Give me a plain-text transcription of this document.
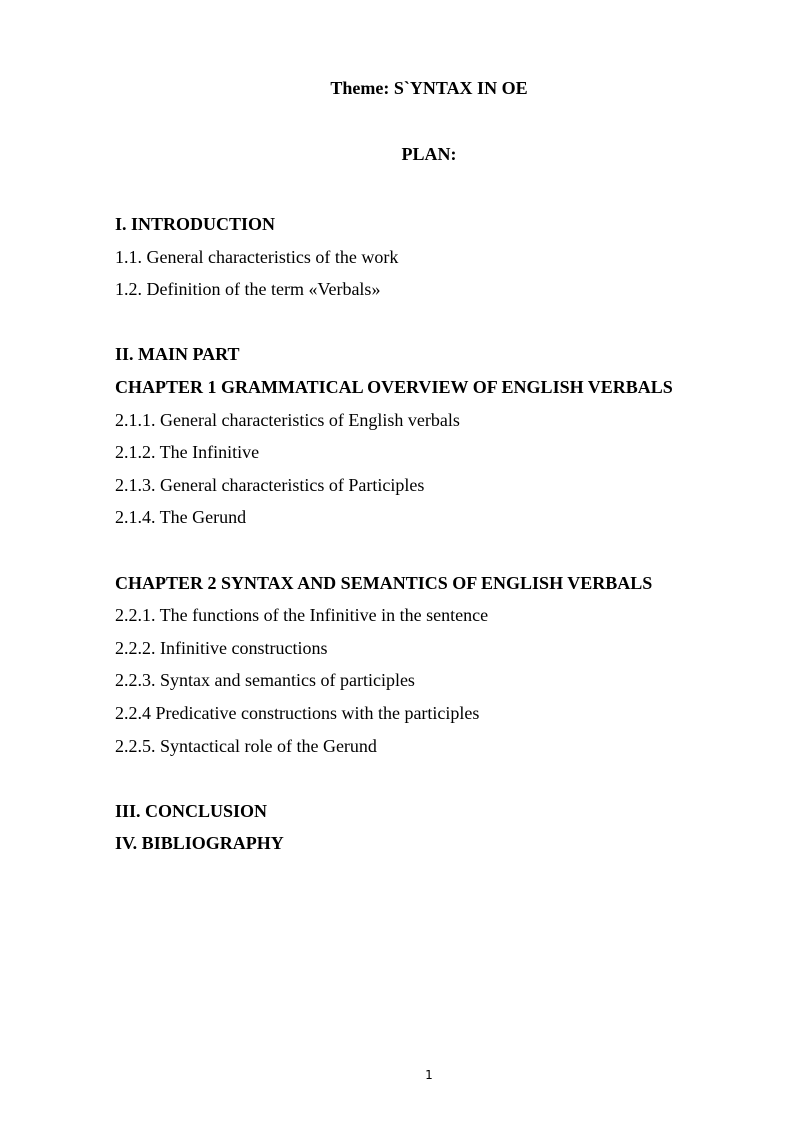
Theme: S`YNTAX IN OE
PLAN:
I. INTRODUCTION
1.1. General characteristics of the work
1.2. Definition of the term «Verbals»
II. MAIN PART
CHAPTER 1 GRAMMATICAL OVERVIEW OF ENGLISH VERBALS
2.1.1. General characteristics of English verbals
2.1.2. The Infinitive
2.1.3. General characteristics of Participles
2.1.4. The Gerund
CHAPTER 2 SYNTAX AND SEMANTICS OF ENGLISH VERBALS
2.2.1. The functions of the Infinitive in the sentence
2.2.2. Infinitive constructions
2.2.3. Syntax and semantics of participles
2.2.4 Predicative constructions with the participles
2.2.5. Syntactical role of the Gerund
III. CONCLUSION
IV. BIBLIOGRAPHY
1
